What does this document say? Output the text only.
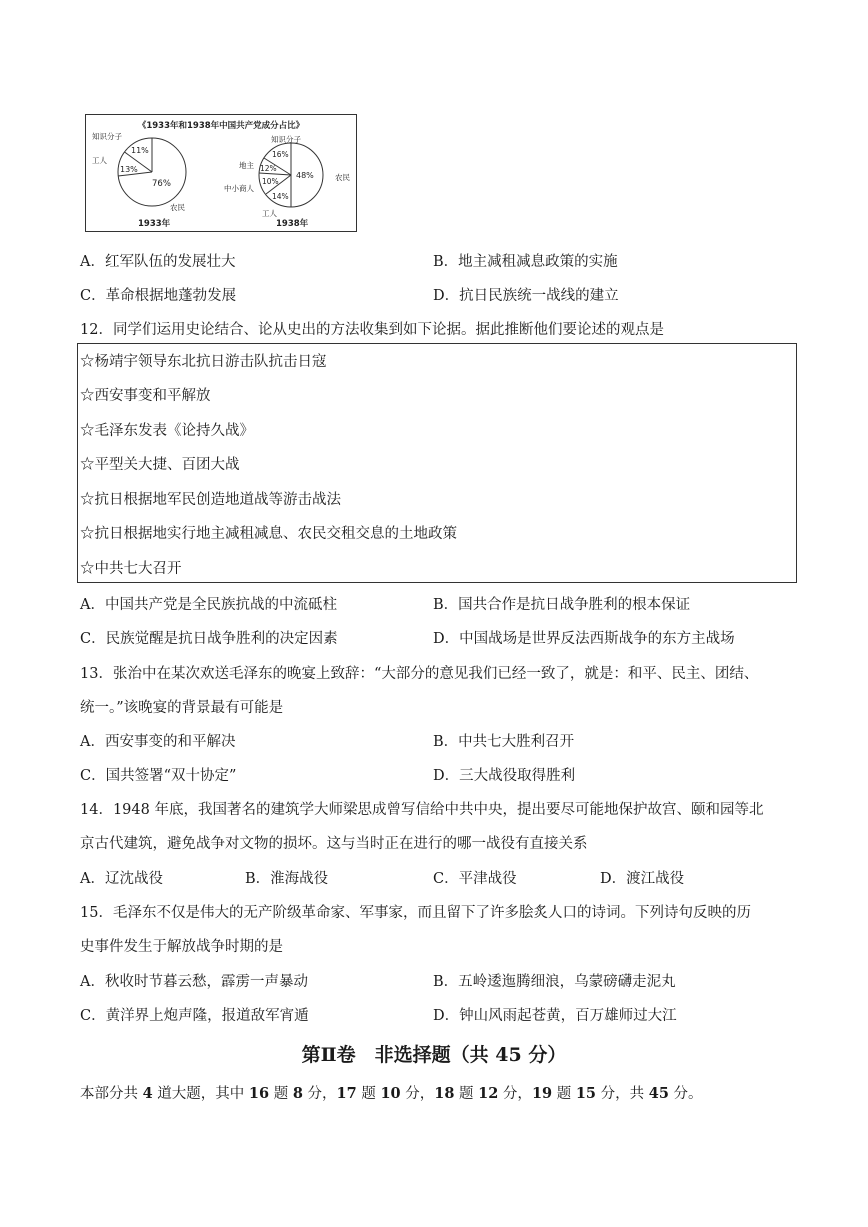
《1933年和1938年中国共产党成分占比》
11%
13%
76%
知识分子
工人
农民
1933年
16%
12%
10%
14%
48%
知识分子
地主
中小商人
工人
农民
1938年
A．红军队伍的发展壮大	B．地主减租减息政策的实施
C．革命根据地蓬勃发展	D．抗日民族统一战线的建立
12．同学们运用史论结合、论从史出的方法收集到如下论据。据此推断他们要论述的观点是
☆杨靖宇领导东北抗日游击队抗击日寇
☆西安事变和平解放
☆毛泽东发表《论持久战》
☆平型关大捷、百团大战
☆抗日根据地军民创造地道战等游击战法
☆抗日根据地实行地主减租减息、农民交租交息的土地政策
☆中共七大召开
A．中国共产党是全民族抗战的中流砥柱	B．国共合作是抗日战争胜利的根本保证
C．民族觉醒是抗日战争胜利的决定因素	D．中国战场是世界反法西斯战争的东方主战场
13．张治中在某次欢送毛泽东的晚宴上致辞：“大部分的意见我们已经一致了，就是：和平、民主、团结、
统一。”该晚宴的背景最有可能是
A．西安事变的和平解决	B．中共七大胜利召开
C．国共签署“双十协定”	D．三大战役取得胜利
14．1948 年底，我国著名的建筑学大师梁思成曾写信给中共中央，提出要尽可能地保护故宫、颐和园等北
京古代建筑，避免战争对文物的损坏。这与当时正在进行的哪一战役有直接关系
A．辽沈战役	B．淮海战役	C．平津战役	D．渡江战役
15．毛泽东不仅是伟大的无产阶级革命家、军事家，而且留下了许多脍炙人口的诗词。下列诗句反映的历
史事件发生于解放战争时期的是
A．秋收时节暮云愁，霹雳一声暴动	B．五岭逶迤腾细浪，乌蒙磅礴走泥丸
C．黄洋界上炮声隆，报道敌军宵遁	D．钟山风雨起苍黄，百万雄师过大江
第Ⅱ卷　非选择题（共 45 分）
本部分共 4 道大题，其中 16 题 8 分，17 题 10 分，18 题 12 分，19 题 15 分，共 45 分。
